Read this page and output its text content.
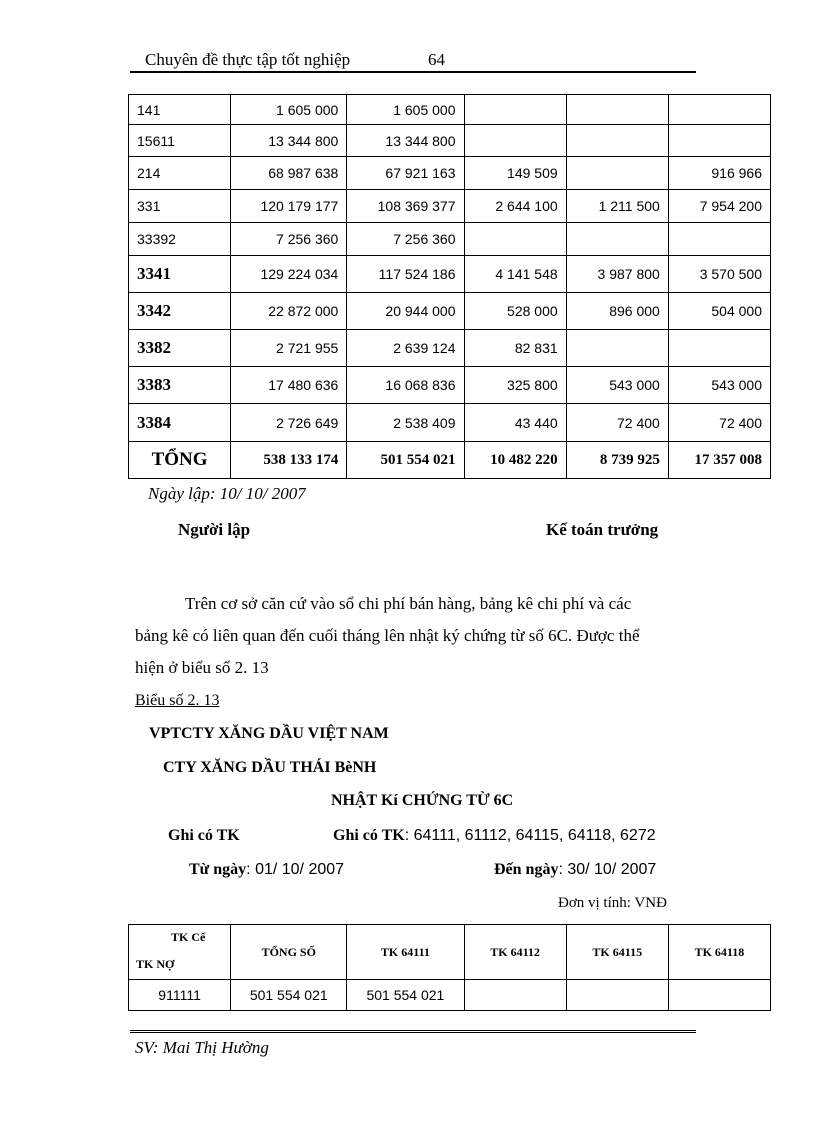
Chuyên đề thực tập tốt nghiệp	64
141	1 605 000	1 605 000			
15611	13 344 800	13 344 800			
214	68 987 638	67 921 163	149 509		916 966
331	120 179 177	108 369 377	2 644 100	1 211 500	7 954 200
33392	7 256 360	7 256 360			
3341	129 224 034	117 524 186	4 141 548	3 987 800	3 570 500
3342	22 872 000	20 944 000	528 000	896 000	504 000
3382	2 721 955	2 639 124	82 831		
3383	17 480 636	16 068 836	325 800	543 000	543 000
3384	2 726 649	2 538 409	43 440	72 400	72 400
TỔNG	538 133 174	501 554 021	10 482 220	8 739 925	17 357 008
Ngày lập: 10/ 10/ 2007
Người lập	Kế toán trưởng
Trên cơ sở căn cứ vào sổ chi phí bán hàng, bảng kê chi phí và các
bảng kê có liên quan đến cuối tháng lên nhật ký chứng từ số 6C. Được thể
hiện ở biểu số 2. 13
Biểu số 2. 13
VPTCTY XĂNG DẦU VIỆT NAM
CTY XĂNG DẦU THÁI BèNH
NHẬT Kí CHỨNG TỪ 6C
Ghi có TK	Ghi có TK: 64111, 61112, 64115, 64118, 6272
Từ ngày: 01/ 10/ 2007	Đến ngày: 30/ 10/ 2007
Đơn vị tính: VNĐ
TK Cể
TK NỢ	TỔNG SỐ	TK 64111	TK 64112	TK 64115	TK 64118
911111	501 554 021	501 554 021			
SV: Mai Thị Hường
